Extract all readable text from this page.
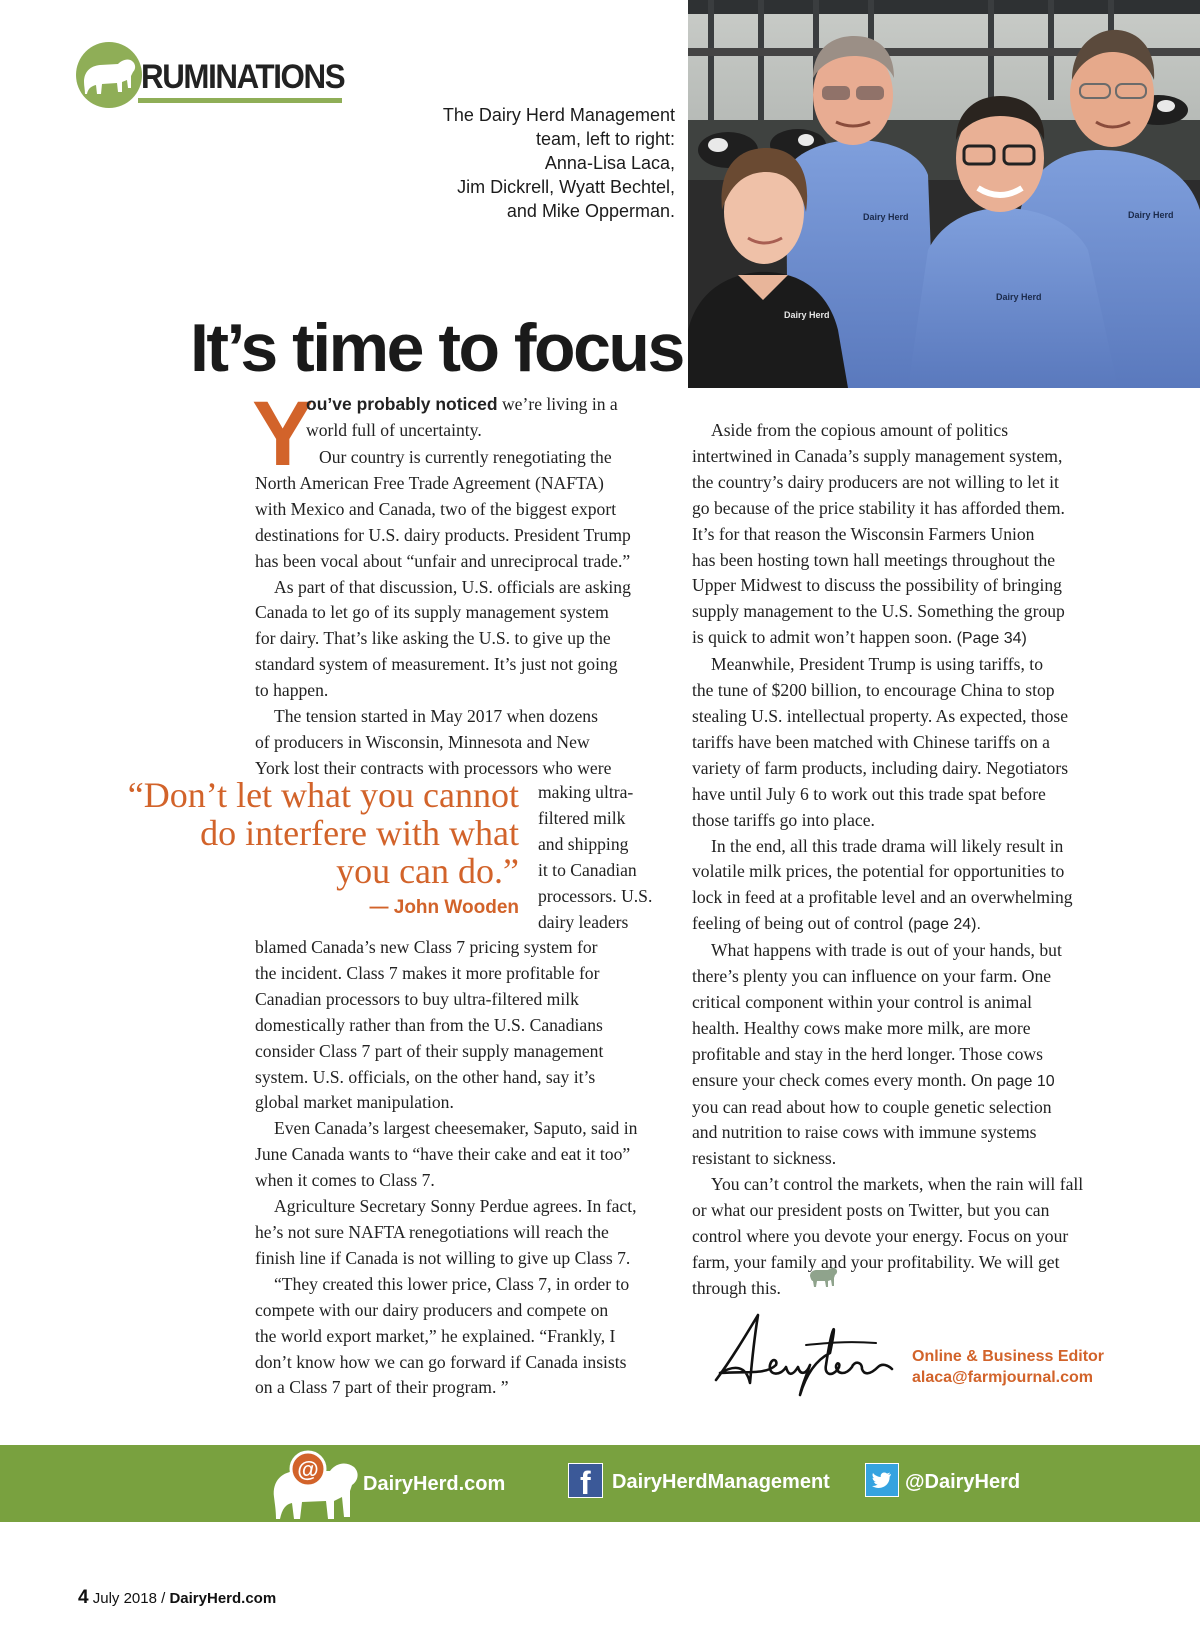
RUMINATIONS
The Dairy Herd Management
team, left to right:
Anna-Lisa Laca,
Jim Dickrell, Wyatt Bechtel,
and Mike Opperman.	Dairy Herd
Dairy Herd
Dairy Herd
Dairy Herd
It’s time to focus
Y
ou’ve probably noticed we’re living in a
world full of uncertainty.
Our country is currently renegotiating the
North American Free Trade Agreement (NAFTA)
with Mexico and Canada, two of the biggest export
destinations for U.S. dairy products. President Trump
has been vocal about “unfair and unreciprocal trade.”
As part of that discussion, U.S. officials are asking
Canada to let go of its supply management system
for dairy. That’s like asking the U.S. to give up the
standard system of measurement. It’s just not going
to happen.
The tension started in May 2017 when dozens
of producers in Wisconsin, Minnesota and New
York lost their contracts with processors who were
making ultra-
filtered milk
and shipping
it to Canadian
processors. U.S.
dairy leaders
“Don’t let what you cannot
do interfere with what
you can do.”
— John Wooden
blamed Canada’s new Class 7 pricing system for
the incident. Class 7 makes it more profitable for
Canadian processors to buy ultra-filtered milk
domestically rather than from the U.S. Canadians
consider Class 7 part of their supply management
system. U.S. officials, on the other hand, say it’s
global market manipulation.
Even Canada’s largest cheesemaker, Saputo, said in
June Canada wants to “have their cake and eat it too”
when it comes to Class 7.
Agriculture Secretary Sonny Perdue agrees. In fact,
he’s not sure NAFTA renegotiations will reach the
finish line if Canada is not willing to give up Class 7.
“They created this lower price, Class 7, in order to
compete with our dairy producers and compete on
the world export market,” he explained. “Frankly, I
don’t know how we can go forward if Canada insists
on a Class 7 part of their program. ”
Aside from the copious amount of politics
intertwined in Canada’s supply management system,
the country’s dairy producers are not willing to let it
go because of the price stability it has afforded them.
It’s for that reason the Wisconsin Farmers Union
has been hosting town hall meetings throughout the
Upper Midwest to discuss the possibility of bringing
supply management to the U.S. Something the group
is quick to admit won’t happen soon. (Page 34)
Meanwhile, President Trump is using tariffs, to
the tune of $200 billion, to encourage China to stop
stealing U.S. intellectual property. As expected, those
tariffs have been matched with Chinese tariffs on a
variety of farm products, including dairy. Negotiators
have until July 6 to work out this trade spat before
those tariffs go into place.
In the end, all this trade drama will likely result in
volatile milk prices, the potential for opportunities to
lock in feed at a profitable level and an overwhelming
feeling of being out of control (page 24).
What happens with trade is out of your hands, but
there’s plenty you can influence on your farm. One
critical component within your control is animal
health. Healthy cows make more milk, are more
profitable and stay in the herd longer. Those cows
ensure your check comes every month. On page 10
you can read about how to couple genetic selection
and nutrition to raise cows with immune systems
resistant to sickness.
You can’t control the markets, when the rain will fall
or what our president posts on Twitter, but you can
control where you devote your energy. Focus on your
farm, your family and your profitability. We will get
through this.
Online & Business Editor
alaca@farmjournal.com
@
DairyHerd.com f DairyHerdManagement	@DairyHerd
4 July 2018 / DairyHerd.com
